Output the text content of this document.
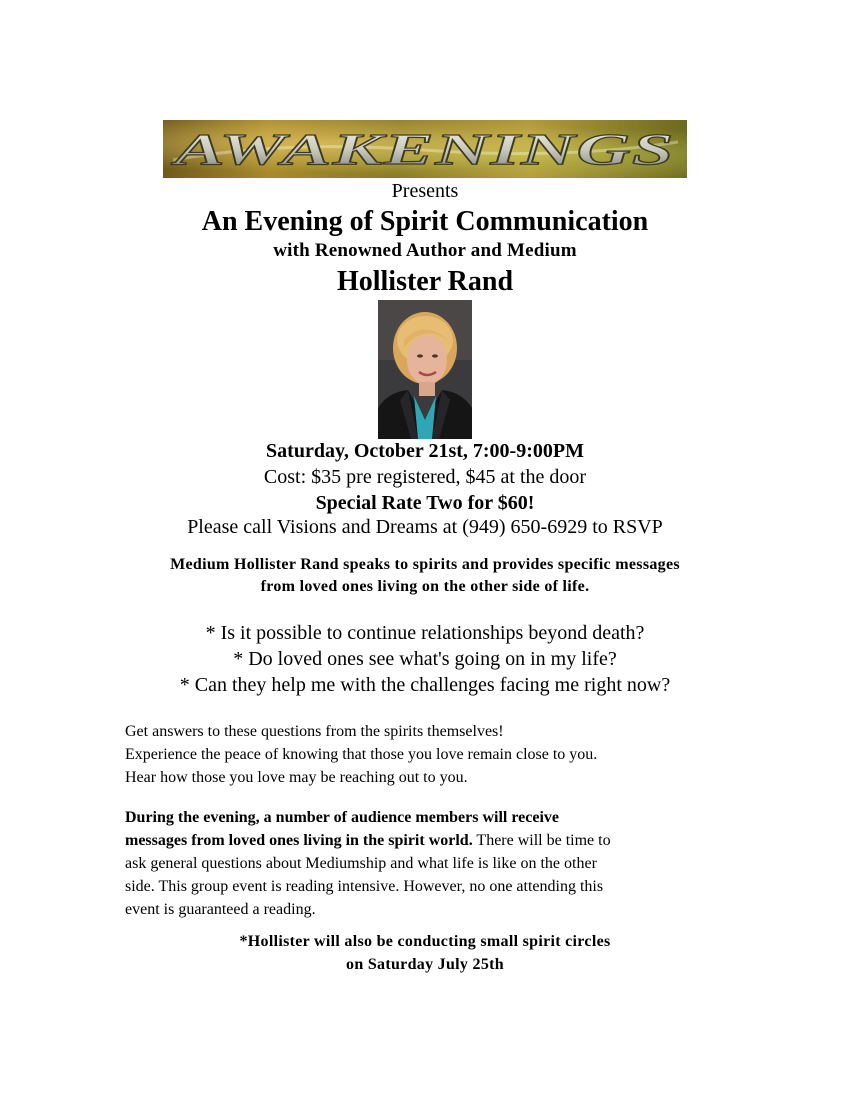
AWAKENINGS
Presents
An Evening of Spirit Communication
with Renowned Author and Medium
Hollister Rand
Saturday, October 21st, 7:00-9:00PM
Cost: $35 pre registered, $45 at the door
Special Rate Two for $60!
Please call Visions and Dreams at (949) 650-6929 to RSVP
Medium Hollister Rand speaks to spirits and provides specific messages
from loved ones living on the other side of life.
* Is it possible to continue relationships beyond death?
* Do loved ones see what's going on in my life?
* Can they help me with the challenges facing me right now?
Get answers to these questions from the spirits themselves!
Experience the peace of knowing that those you love remain close to you.
Hear how those you love may be reaching out to you.
During the evening, a number of audience members will receive
messages from loved ones living in the spirit world. There will be time to
ask general questions about Mediumship and what life is like on the other
side. This group event is reading intensive. However, no one attending this
event is guaranteed a reading.
*Hollister will also be conducting small spirit circles
on Saturday July 25th
